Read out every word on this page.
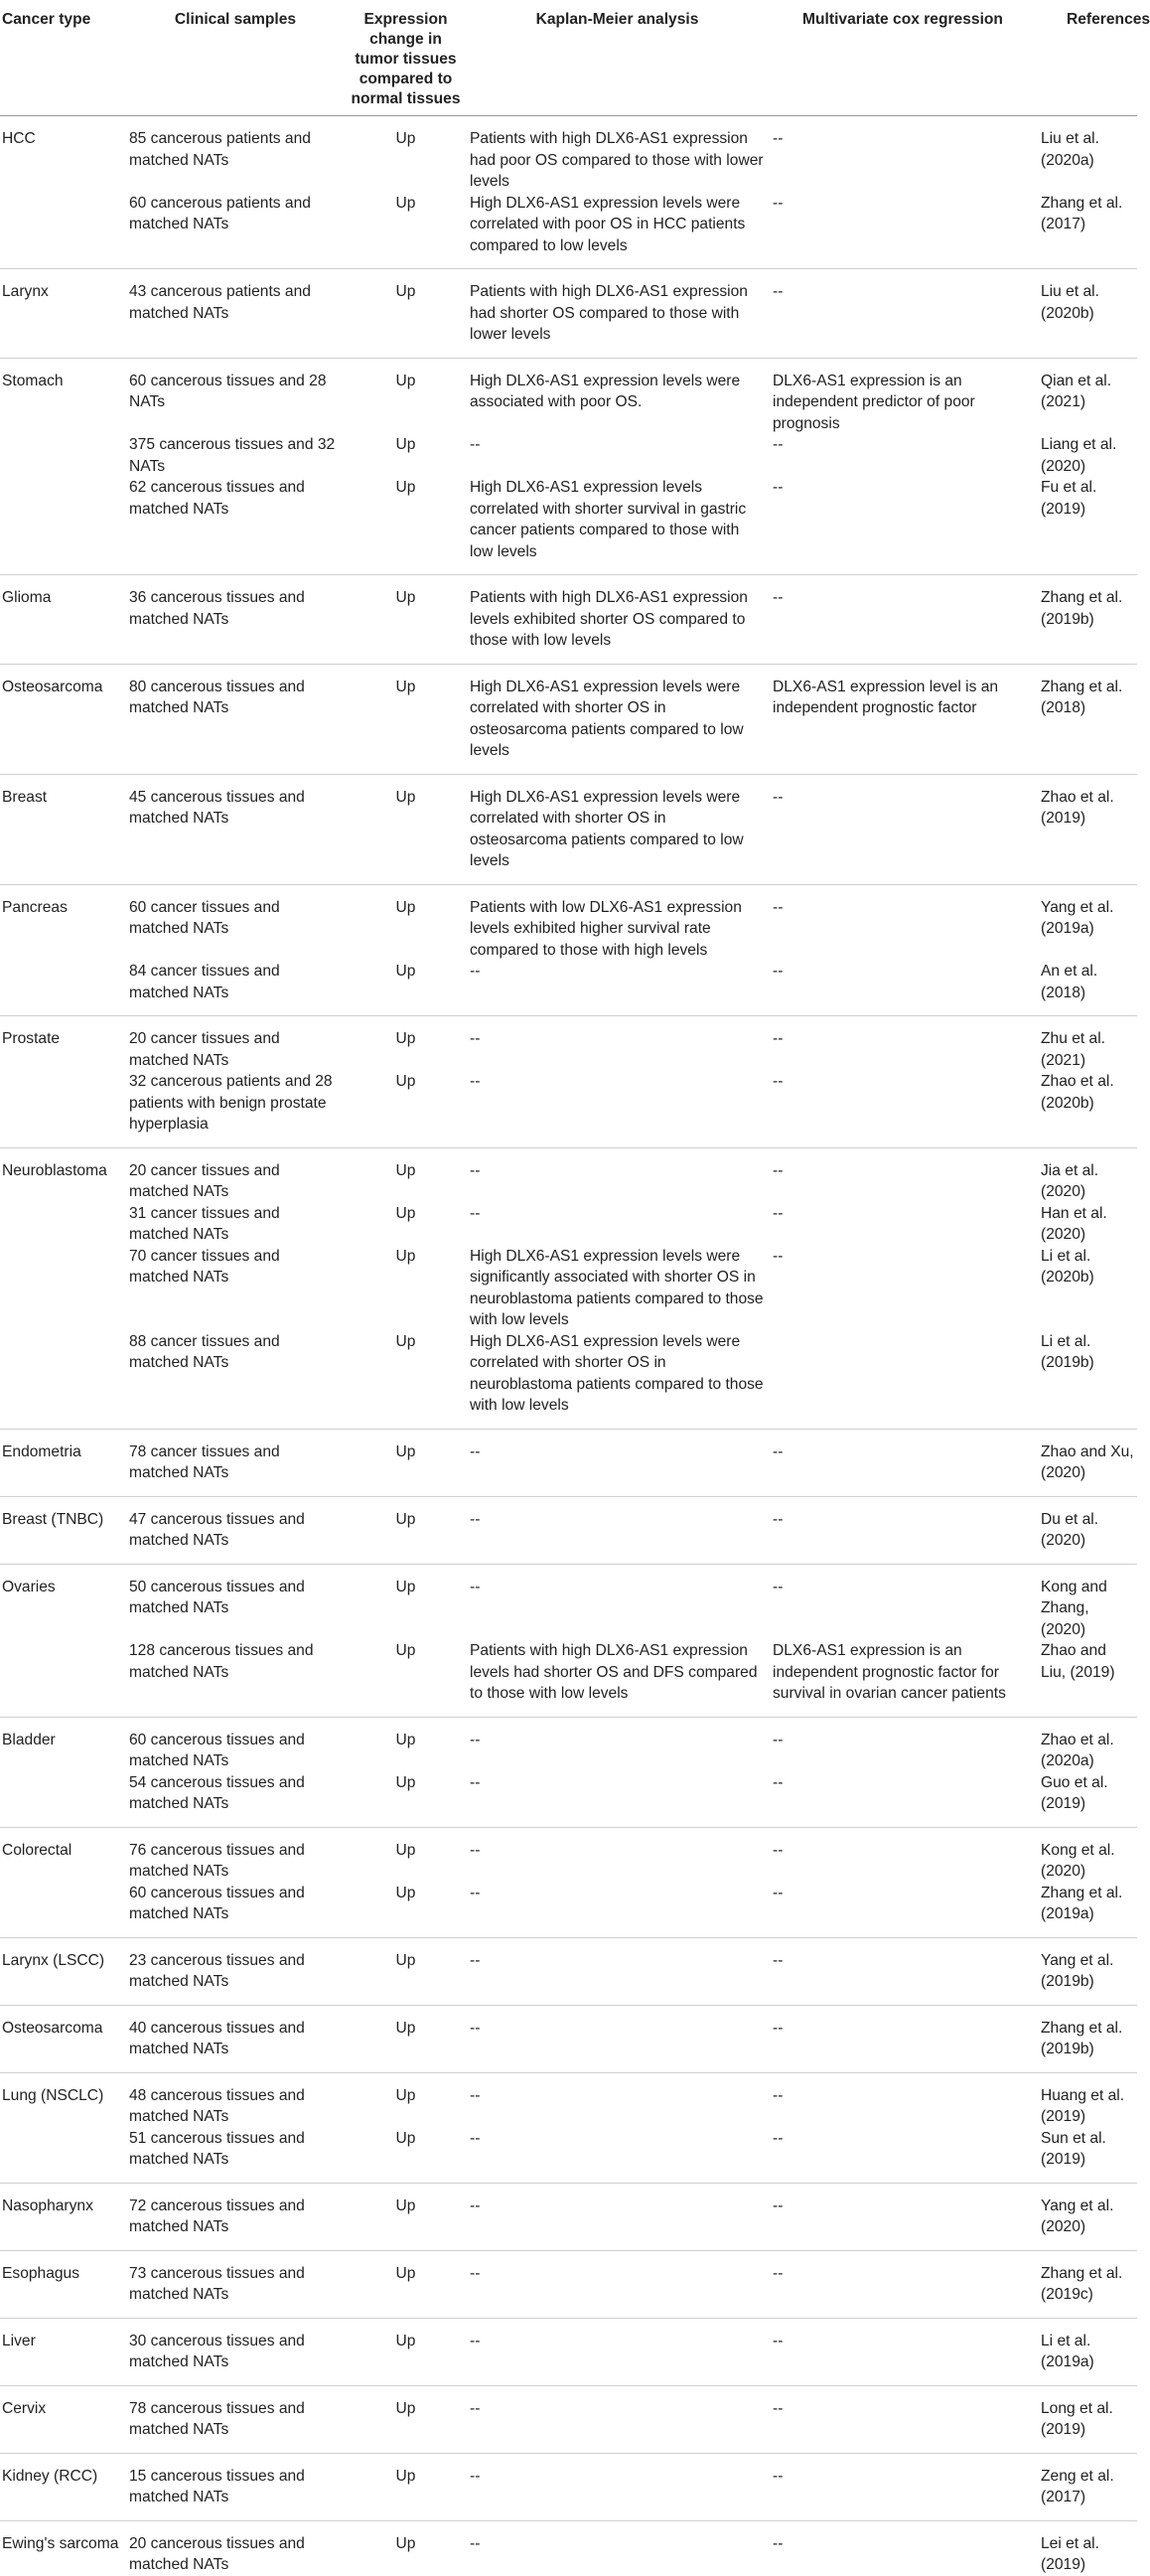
Cancer type	Clinical samples	Expression change in tumor tissues compared to normal tissues	Kaplan-Meier analysis	Multivariate cox regression	References
HCC	85 cancerous patients and matched NATs	Up	Patients with high DLX6-AS1 expression had poor OS compared to those with lower levels	--	Liu et al. (2020a)
	60 cancerous patients and matched NATs	Up	High DLX6-AS1 expression levels were correlated with poor OS in HCC patients compared to low levels	--	Zhang et al. (2017)
Larynx	43 cancerous patients and matched NATs	Up	Patients with high DLX6-AS1 expression had shorter OS compared to those with lower levels	--	Liu et al. (2020b)
Stomach	60 cancerous tissues and 28 NATs	Up	High DLX6-AS1 expression levels were associated with poor OS.	DLX6-AS1 expression is an independent predictor of poor prognosis	Qian et al. (2021)
	375 cancerous tissues and 32 NATs	Up	--	--	Liang et al. (2020)
	62 cancerous tissues and matched NATs	Up	High DLX6-AS1 expression levels correlated with shorter survival in gastric cancer patients compared to those with low levels	--	Fu et al. (2019)
Glioma	36 cancerous tissues and matched NATs	Up	Patients with high DLX6-AS1 expression levels exhibited shorter OS compared to those with low levels	--	Zhang et al. (2019b)
Osteosarcoma	80 cancerous tissues and matched NATs	Up	High DLX6-AS1 expression levels were correlated with shorter OS in osteosarcoma patients compared to low levels	DLX6-AS1 expression level is an independent prognostic factor	Zhang et al. (2018)
Breast	45 cancerous tissues and matched NATs	Up	High DLX6-AS1 expression levels were correlated with shorter OS in osteosarcoma patients compared to low levels	--	Zhao et al. (2019)
Pancreas	60 cancer tissues and matched NATs	Up	Patients with low DLX6-AS1 expression levels exhibited higher survival rate compared to those with high levels	--	Yang et al. (2019a)
	84 cancer tissues and matched NATs	Up	--	--	An et al. (2018)
Prostate	20 cancer tissues and matched NATs	Up	--	--	Zhu et al. (2021)
	32 cancerous patients and 28 patients with benign prostate hyperplasia	Up	--	--	Zhao et al. (2020b)
Neuroblastoma	20 cancer tissues and matched NATs	Up	--	--	Jia et al. (2020)
	31 cancer tissues and matched NATs	Up	--	--	Han et al. (2020)
	70 cancer tissues and matched NATs	Up	High DLX6-AS1 expression levels were significantly associated with shorter OS in neuroblastoma patients compared to those with low levels	--	Li et al. (2020b)
	88 cancer tissues and matched NATs	Up	High DLX6-AS1 expression levels were correlated with shorter OS in neuroblastoma patients compared to those with low levels		Li et al. (2019b)
Endometria	78 cancer tissues and matched NATs	Up	--	--	Zhao and Xu, (2020)
Breast (TNBC)	47 cancerous tissues and matched NATs	Up	--	--	Du et al. (2020)
Ovaries	50 cancerous tissues and matched NATs	Up	--	--	Kong and Zhang, (2020)
	128 cancerous tissues and matched NATs	Up	Patients with high DLX6-AS1 expression levels had shorter OS and DFS compared to those with low levels	DLX6-AS1 expression is an independent prognostic factor for survival in ovarian cancer patients	Zhao and Liu, (2019)
Bladder	60 cancerous tissues and matched NATs	Up	--	--	Zhao et al. (2020a)
	54 cancerous tissues and matched NATs	Up	--	--	Guo et al. (2019)
Colorectal	76 cancerous tissues and matched NATs	Up	--	--	Kong et al. (2020)
	60 cancerous tissues and matched NATs	Up	--	--	Zhang et al. (2019a)
Larynx (LSCC)	23 cancerous tissues and matched NATs	Up	--	--	Yang et al. (2019b)
Osteosarcoma	40 cancerous tissues and matched NATs	Up	--	--	Zhang et al. (2019b)
Lung (NSCLC)	48 cancerous tissues and matched NATs	Up	--	--	Huang et al. (2019)
	51 cancerous tissues and matched NATs	Up	--	--	Sun et al. (2019)
Nasopharynx	72 cancerous tissues and matched NATs	Up	--	--	Yang et al. (2020)
Esophagus	73 cancerous tissues and matched NATs	Up	--	--	Zhang et al. (2019c)
Liver	30 cancerous tissues and matched NATs	Up	--	--	Li et al. (2019a)
Cervix	78 cancerous tissues and matched NATs	Up	--	--	Long et al. (2019)
Kidney (RCC)	15 cancerous tissues and matched NATs	Up	--	--	Zeng et al. (2017)
Ewing's sarcoma	20 cancerous tissues and matched NATs	Up	--	--	Lei et al. (2019)
